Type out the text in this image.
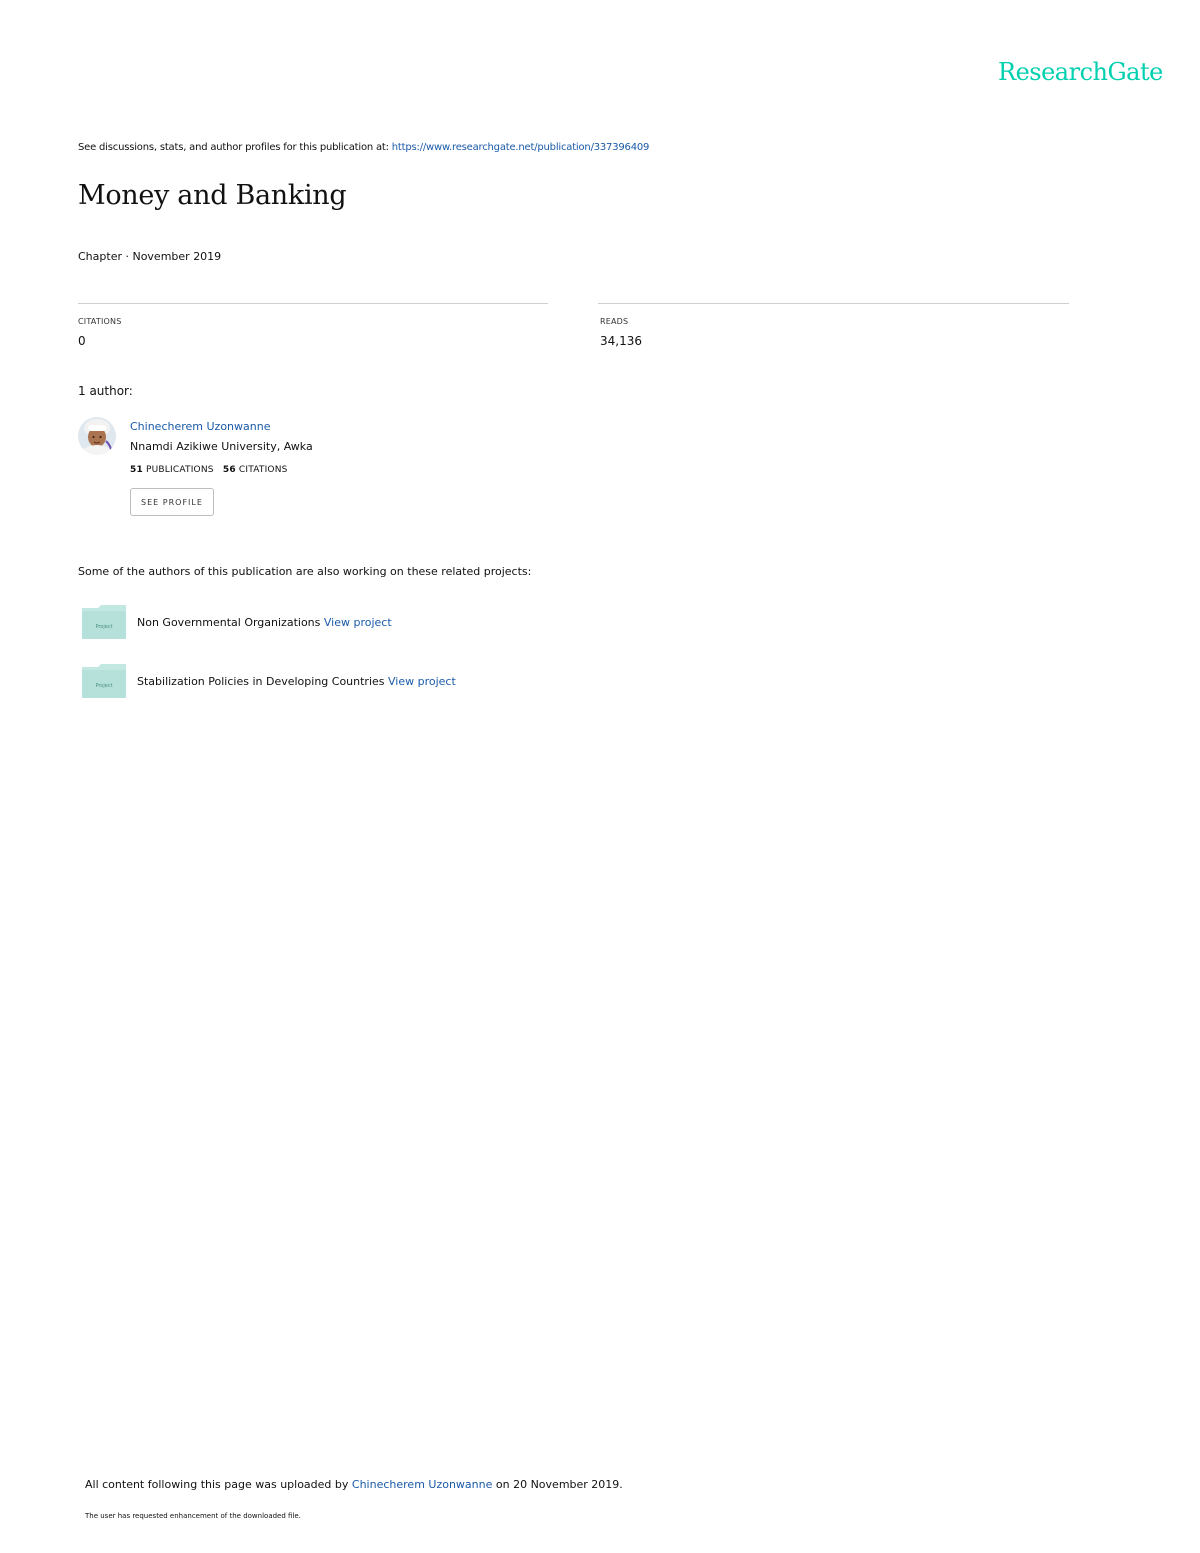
ResearchGate
See discussions, stats, and author profiles for this publication at: https://www.researchgate.net/publication/337396409
Money and Banking
Chapter · November 2019
CITATIONS
0
READS
34,136
1 author:
Chinecherem Uzonwanne
Nnamdi Azikiwe University, Awka
51 PUBLICATIONS 56 CITATIONS
SEE PROFILE
Some of the authors of this publication are also working on these related projects:
Project Non Governmental Organizations View project
Project Stabilization Policies in Developing Countries View project
All content following this page was uploaded by Chinecherem Uzonwanne on 20 November 2019.
The user has requested enhancement of the downloaded file.
